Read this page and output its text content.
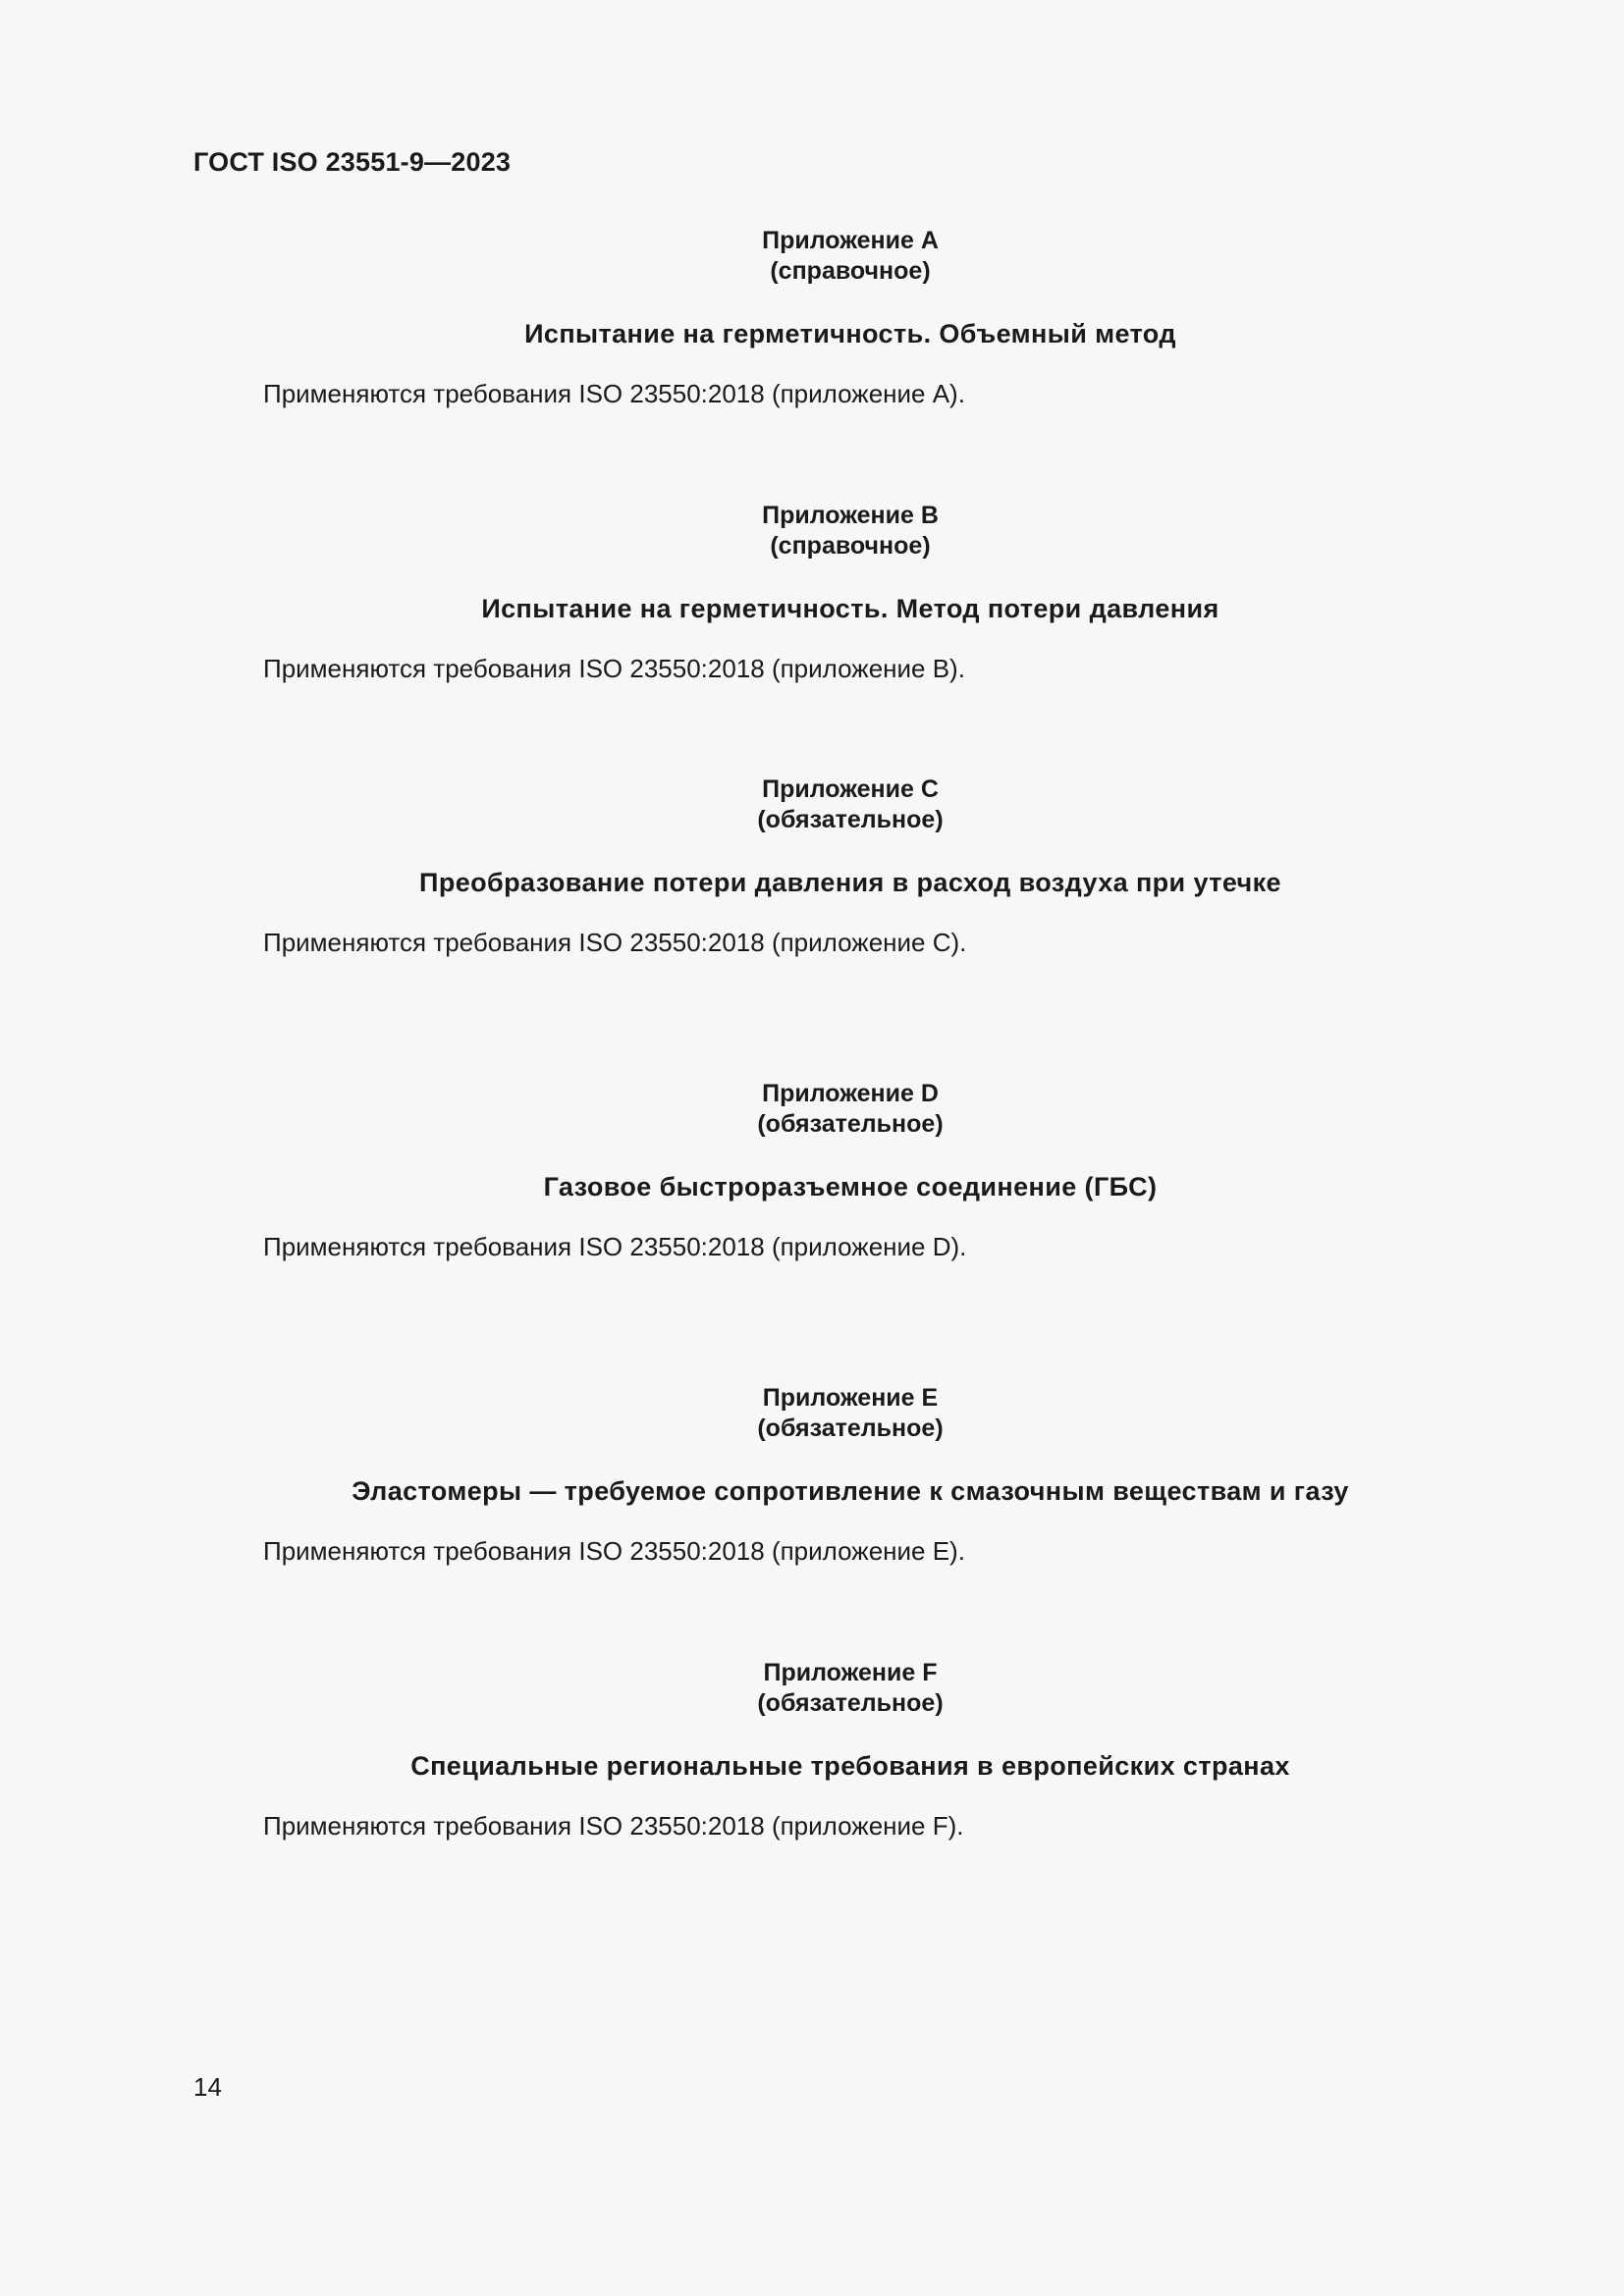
ГОСТ ISO 23551-9—2023
Приложение А
(справочное)
Испытание на герметичность. Объемный метод
Применяются требования ISO 23550:2018 (приложение А).
Приложение В
(справочное)
Испытание на герметичность. Метод потери давления
Применяются требования ISO 23550:2018 (приложение В).
Приложение С
(обязательное)
Преобразование потери давления в расход воздуха при утечке
Применяются требования ISO 23550:2018 (приложение С).
Приложение D
(обязательное)
Газовое быстроразъемное соединение (ГБС)
Применяются требования ISO 23550:2018 (приложение D).
Приложение Е
(обязательное)
Эластомеры — требуемое сопротивление к смазочным веществам и газу
Применяются требования ISO 23550:2018 (приложение Е).
Приложение F
(обязательное)
Специальные региональные требования в европейских странах
Применяются требования ISO 23550:2018 (приложение F).
14
